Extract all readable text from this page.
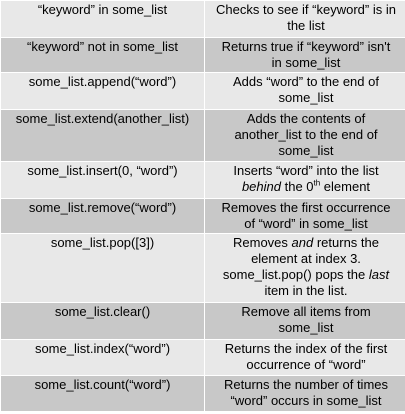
“keyword” in some_list	Checks to see if “keyword” is in
the list
“keyword” not in some_list	Returns true if “keyword” isn't
in some_list
some_list.append(“word”)	Adds “word” to the end of
some_list
some_list.extend(another_list)	Adds the contents of
another_list to the end of
some_list
some_list.insert(0, “word”)	Inserts “word” into the list
behind the 0th element
some_list.remove(“word”)	Removes the first occurrence
of “word” in some_list
some_list.pop([3])	Removes and returns the
element at index 3.
some_list.pop() pops the last
item in the list.
some_list.clear()	Remove all items from
some_list
some_list.index(“word”)	Returns the index of the first
occurrence of “word”
some_list.count(“word”)	Returns the number of times
“word” occurs in some_list
